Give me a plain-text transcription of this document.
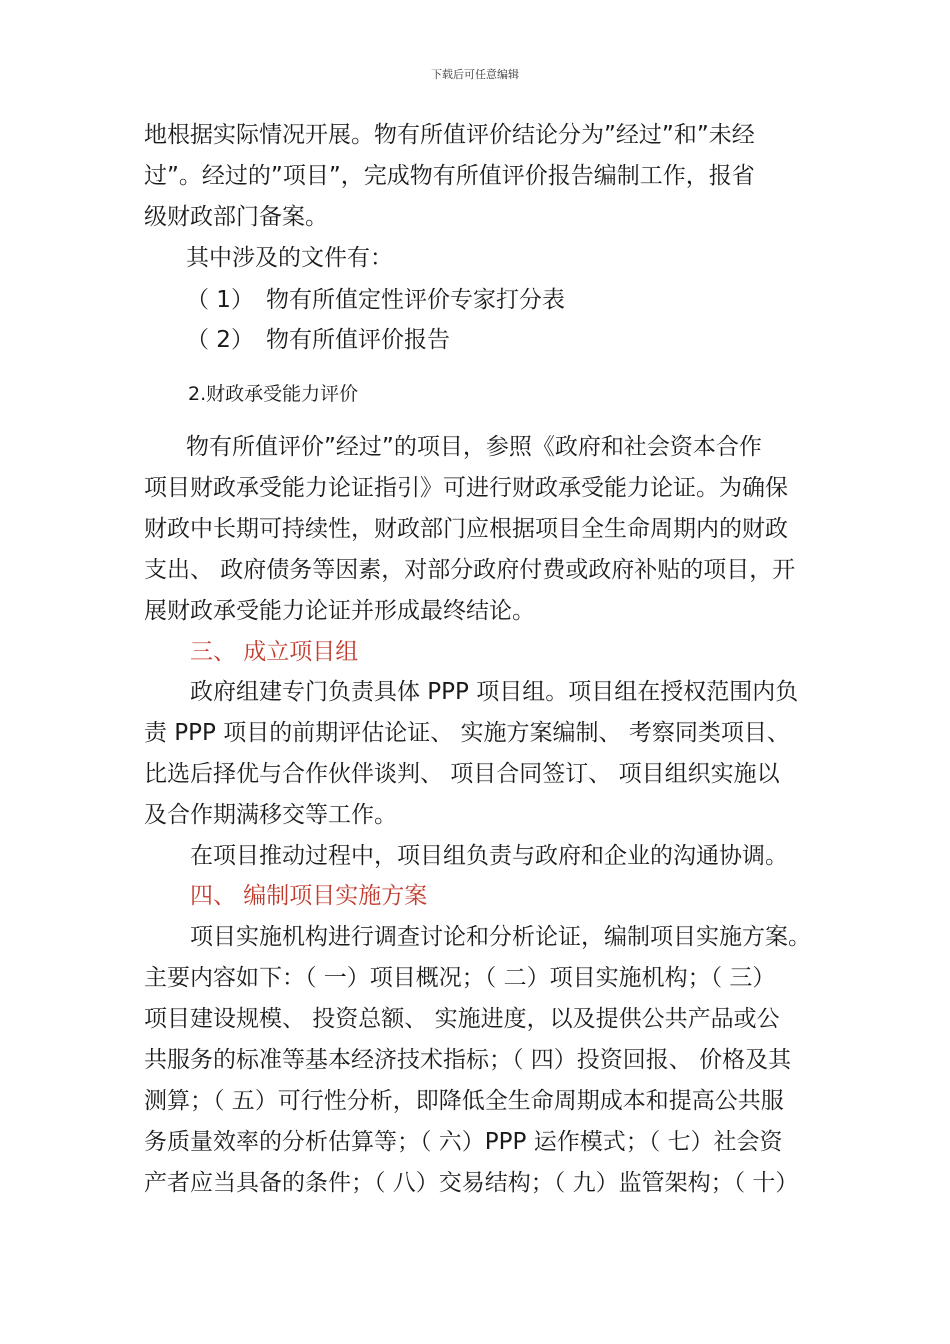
下载后可任意编辑
地根据实际情况开展。物有所值评价结论分为”经过”和”未经
过”。经过的”项目”，完成物有所值评价报告编制工作，报省
级财政部门备案。
其中涉及的文件有：
（ 1） 物有所值定性评价专家打分表
（ 2） 物有所值评价报告
2.财政承受能力评价
物有所值评价”经过”的项目，参照《政府和社会资本合作
项目财政承受能力论证指引》可进行财政承受能力论证。为确保
财政中长期可持续性，财政部门应根据项目全生命周期内的财政
支出、 政府债务等因素，对部分政府付费或政府补贴的项目，开
展财政承受能力论证并形成最终结论。
三、 成立项目组
政府组建专门负责具体 PPP 项目组。项目组在授权范围内负
责 PPP 项目的前期评估论证、 实施方案编制、 考察同类项目、
比选后择优与合作伙伴谈判、 项目合同签订、 项目组织实施以
及合作期满移交等工作。
在项目推动过程中，项目组负责与政府和企业的沟通协调。
四、 编制项目实施方案
项目实施机构进行调查讨论和分析论证，编制项目实施方案。
主要内容如下：（ 一）项目概况；（ 二）项目实施机构；（ 三）
项目建设规模、 投资总额、 实施进度，以及提供公共产品或公
共服务的标准等基本经济技术指标；（ 四）投资回报、 价格及其
测算；（ 五）可行性分析，即降低全生命周期成本和提高公共服
务质量效率的分析估算等；（ 六）PPP 运作模式；（ 七）社会资
产者应当具备的条件；（ 八）交易结构；（ 九）监管架构；（ 十）
